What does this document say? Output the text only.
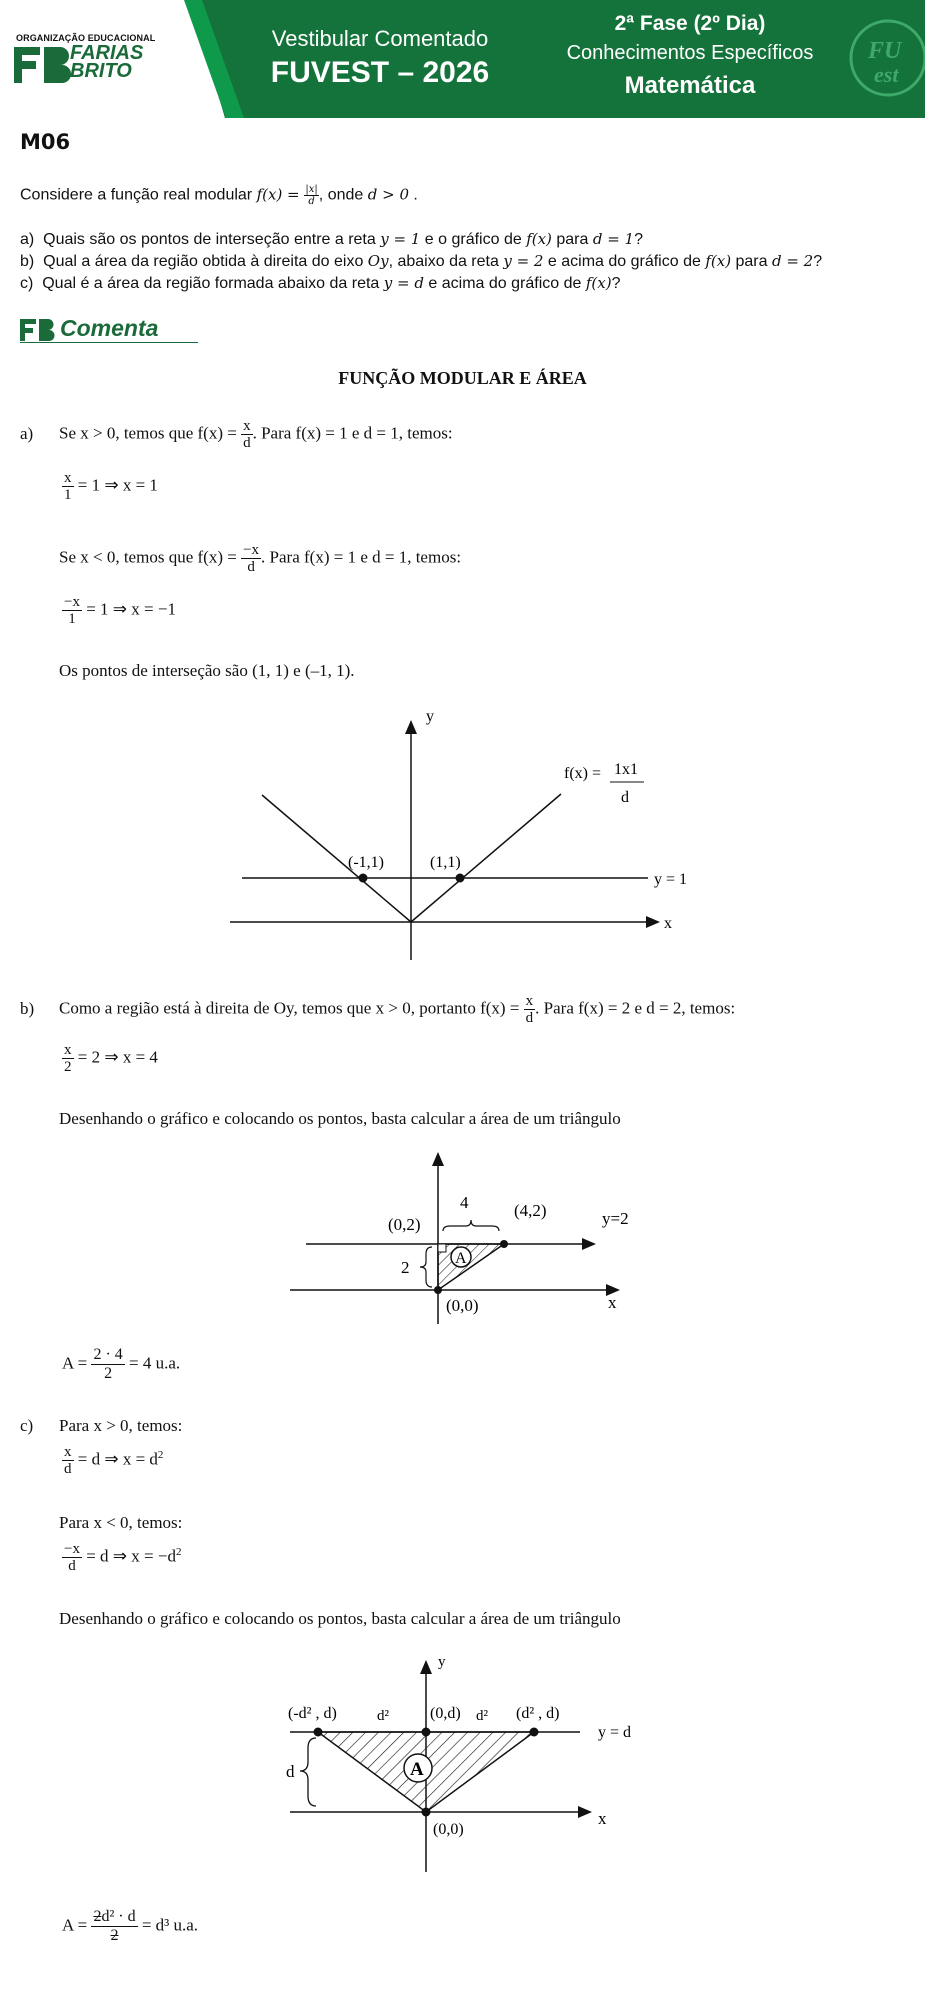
ORGANIZAÇÃO EDUCACIONAL
FARIAS
BRITO
Vestibular Comentado
FUVEST – 2026
2ª Fase (2º Dia)
Conhecimentos Específicos
Matemática
FU
est
M06
Considere a função real modular $f(x) = \frac{|x|}{d}$ , onde d > 0 .
a) Quais são os pontos de interseção entre a reta y = 1 e o gráfico de f(x) para d = 1?
b) Qual a área da região obtida à direita do eixo Oy, abaixo da reta y = 2 e acima do gráfico de f(x) para d = 2?
c) Qual é a área da região formada abaixo da reta y = d e acima do gráfico de f(x)?
Comenta
FUNÇÃO MODULAR E ÁREA
a) Se x > 0, temos que $f(x) = \frac{x}{d}$ . Para f(x) = 1 e d = 1, temos:
$\frac{x}{1} = 1$ ⇒ x = 1
Se x < 0, temos que $f(x) = \frac{-x}{d}$ . Para f(x) = 1 e d = 1, temos:
$\frac{-x}{1} = 1$ ⇒ x = −1
Os pontos de interseção são (1, 1) e (–1, 1).
y
x
(-1,1)	(1,1)
y = 1
f(x) = 1x1
d
b) Como a região está à direita de Oy, temos que x > 0, portanto $f(x) = \frac{x}{d}$ . Para f(x) = 2 e d = 2, temos:
$\frac{x}{2} = 2$ ⇒ x = 4
Desenhando o gráfico e colocando os pontos, basta calcular a área de um triângulo
A
4
2
(0,2)
(4,2)	y=2
(0,0)	x
$A = \frac{2 \cdot 4}{2} = 4$ u.a.
c) Para x > 0, temos:
$\frac{x}{d} = d$ ⇒ $x = d^2$
Para x < 0, temos:
$\frac{-x}{d} = d$ ⇒ $x = -d^2$
Desenhando o gráfico e colocando os pontos, basta calcular a área de um triângulo
A
d
y
x
(-d² , d)	(0,d)	(d² , d)
d²	d²
y = d
(0,0)
$A = \frac{\text{2d² · d}}{2} = d^3$ u.a.
